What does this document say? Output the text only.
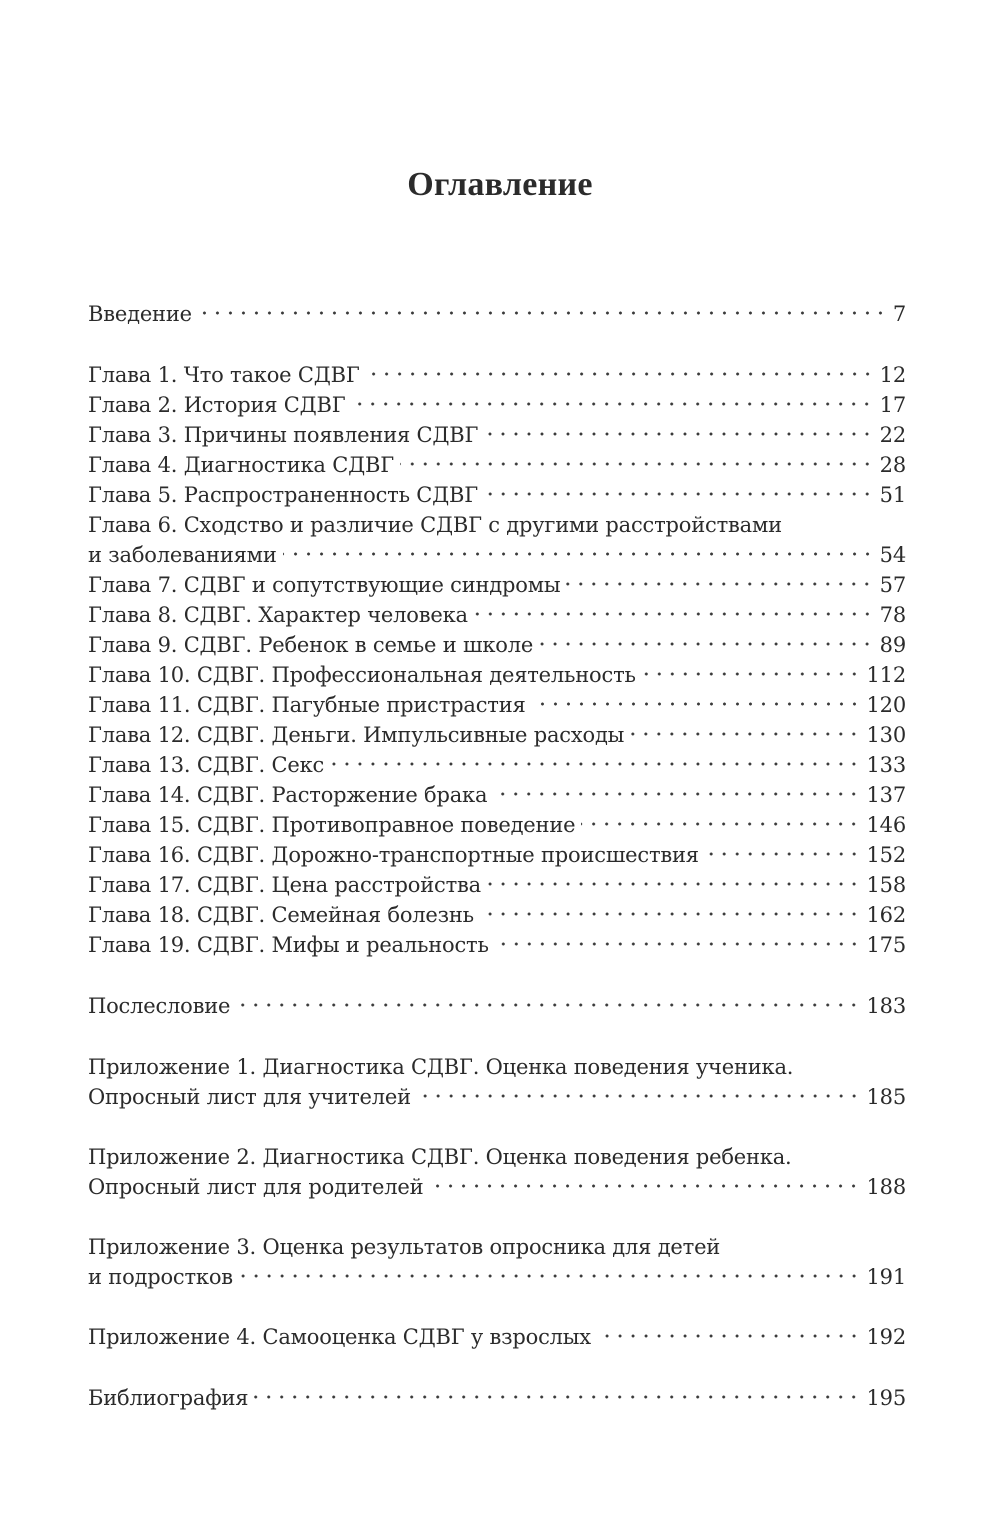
Оглавление
Введение	7
Глава 1. Что такое СДВГ	12
Глава 2. История СДВГ	17
Глава 3. Причины появления СДВГ	22
Глава 4. Диагностика СДВГ	28
Глава 5. Распространенность СДВГ	51
Глава 6. Сходство и различие СДВГ с другими расстройствами
и заболеваниями	54
Глава 7. СДВГ и сопутствующие синдромы	57
Глава 8. СДВГ. Характер человека	78
Глава 9. СДВГ. Ребенок в семье и школе	89
Глава 10. СДВГ. Профессиональная деятельность	112
Глава 11. СДВГ. Пагубные пристрастия	120
Глава 12. СДВГ. Деньги. Импульсивные расходы	130
Глава 13. СДВГ. Секс	133
Глава 14. СДВГ. Расторжение брака	137
Глава 15. СДВГ. Противоправное поведение	146
Глава 16. СДВГ. Дорожно-транспортные происшествия	152
Глава 17. СДВГ. Цена расстройства	158
Глава 18. СДВГ. Семейная болезнь	162
Глава 19. СДВГ. Мифы и реальность	175
Послесловие	183
Приложение 1. Диагностика СДВГ. Оценка поведения ученика.
Опросный лист для учителей	185
Приложение 2. Диагностика СДВГ. Оценка поведения ребенка.
Опросный лист для родителей	188
Приложение 3. Оценка результатов опросника для детей
и подростков	191
Приложение 4. Самооценка СДВГ у взрослых	192
Библиография	195
